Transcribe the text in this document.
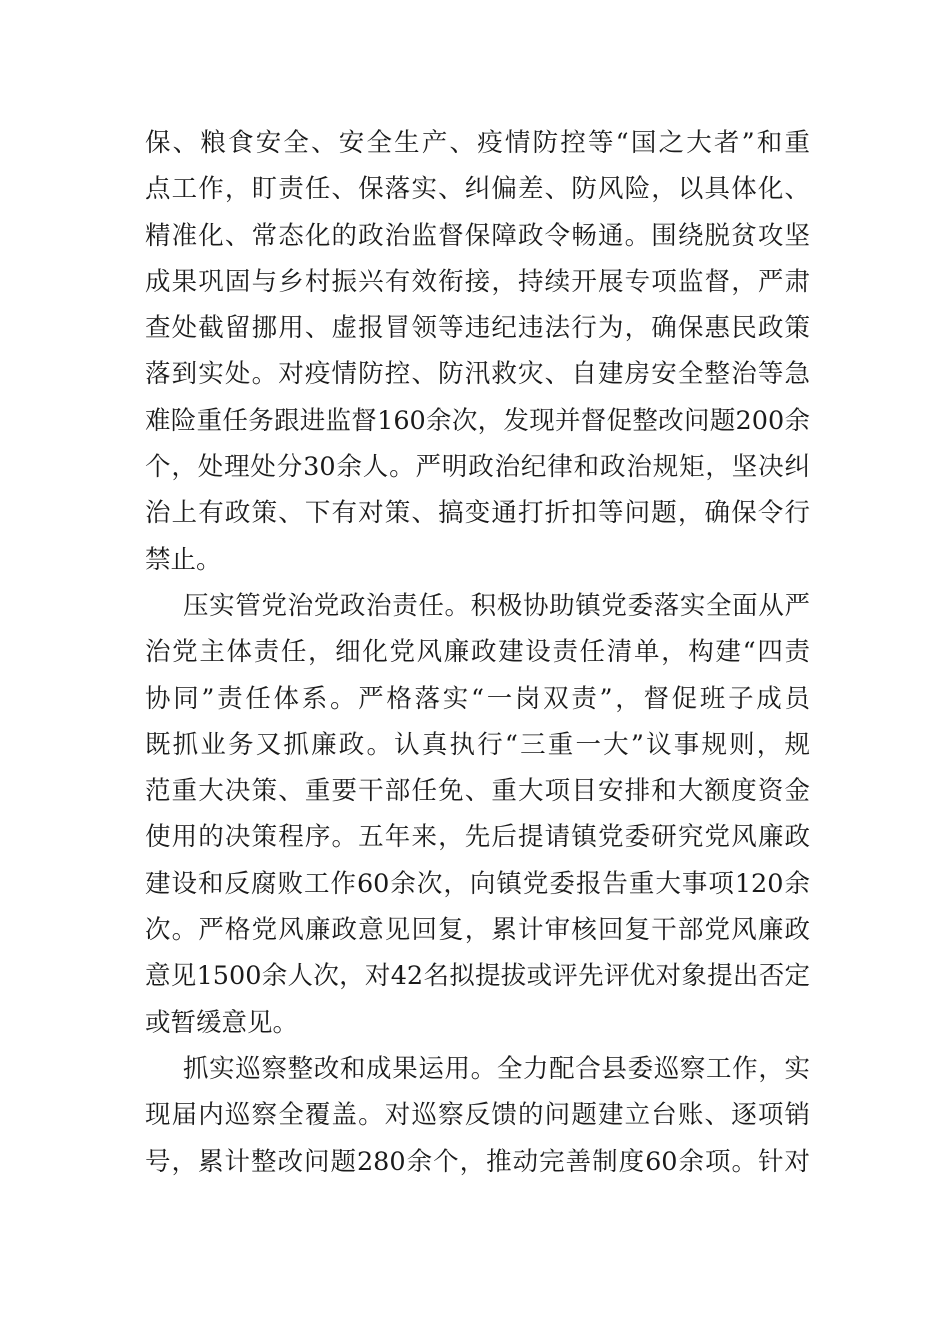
保、粮食安全、安全生产、疫情防控等“国之大者”和重
点工作，盯责任、保落实、纠偏差、防风险，以具体化、
精准化、常态化的政治监督保障政令畅通。围绕脱贫攻坚
成果巩固与乡村振兴有效衔接，持续开展专项监督，严肃
查处截留挪用、虚报冒领等违纪违法行为，确保惠民政策
落到实处。对疫情防控、防汛救灾、自建房安全整治等急
难险重任务跟进监督160余次，发现并督促整改问题200余
个，处理处分30余人。严明政治纪律和政治规矩，坚决纠
治上有政策、下有对策、搞变通打折扣等问题，确保令行
禁止。
压实管党治党政治责任。积极协助镇党委落实全面从严
治党主体责任，细化党风廉政建设责任清单，构建“四责
协同”责任体系。严格落实“一岗双责”，督促班子成员
既抓业务又抓廉政。认真执行“三重一大”议事规则，规
范重大决策、重要干部任免、重大项目安排和大额度资金
使用的决策程序。五年来，先后提请镇党委研究党风廉政
建设和反腐败工作60余次，向镇党委报告重大事项120余
次。严格党风廉政意见回复，累计审核回复干部党风廉政
意见1500余人次，对42名拟提拔或评先评优对象提出否定
或暂缓意见。
抓实巡察整改和成果运用。全力配合县委巡察工作，实
现届内巡察全覆盖。对巡察反馈的问题建立台账、逐项销
号，累计整改问题280余个，推动完善制度60余项。针对
